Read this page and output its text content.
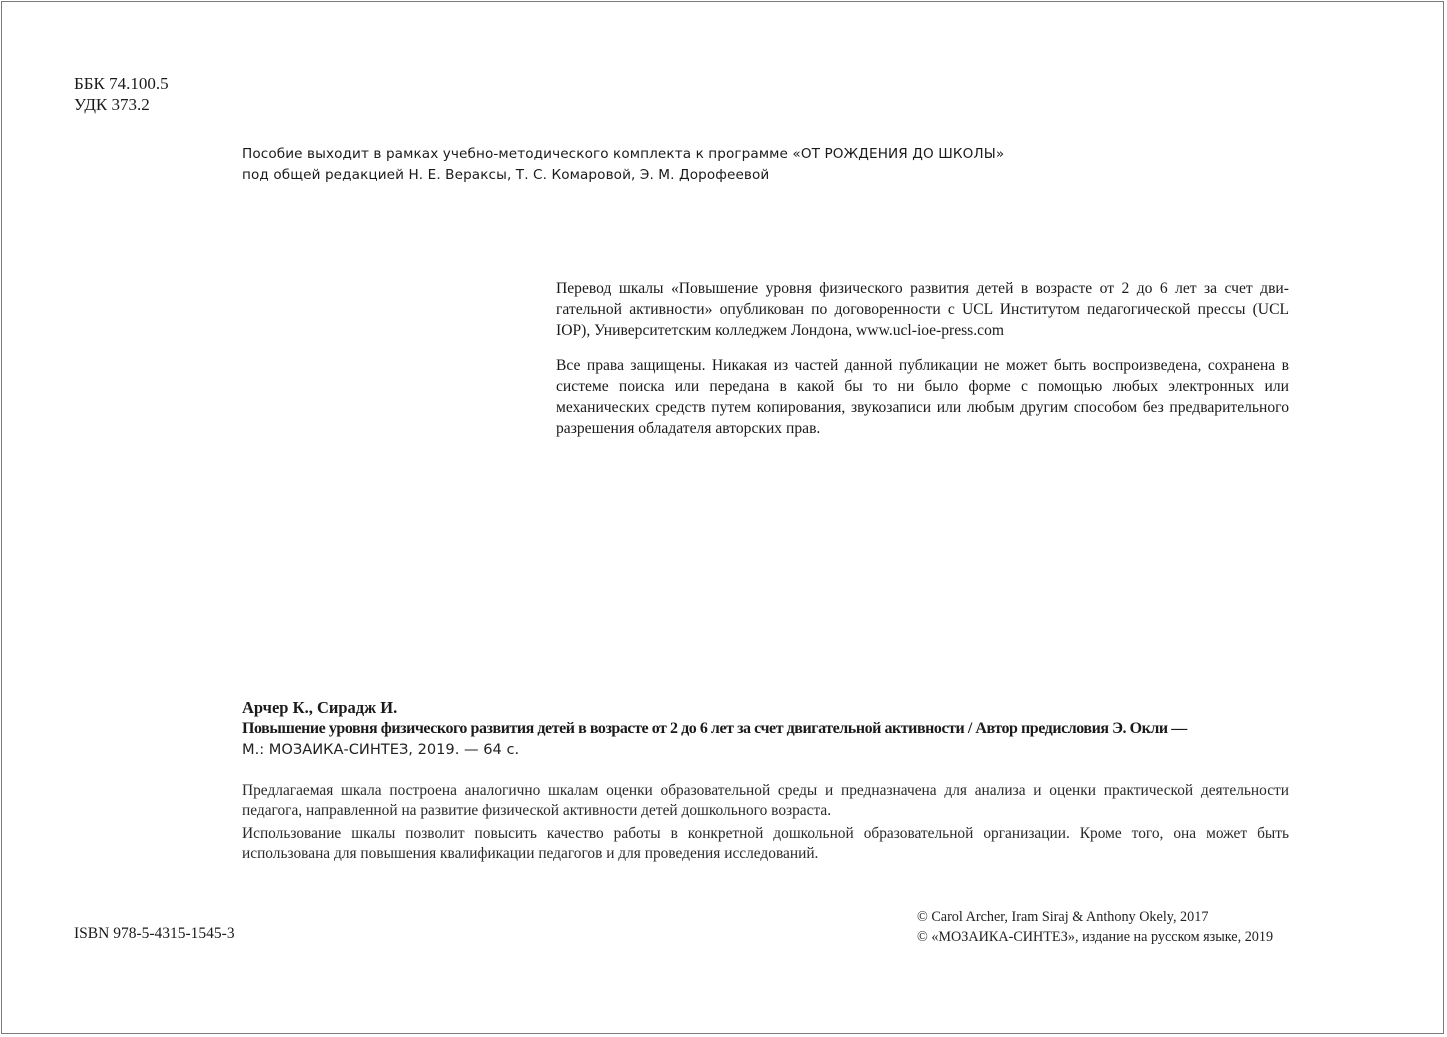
ББК 74.100.5
УДК 373.2
Пособие выходит в рамках учебно-методического комплекта к программе «ОТ РОЖДЕНИЯ ДО ШКОЛЫ»
под общей редакцией Н. Е. Вераксы, Т. С. Комаровой, Э. М. Дорофеевой

Перевод шкалы «Повышение уровня физического развития детей в возрасте от 2 до 6 лет за счет двигательной активности» опубликован по договоренности с UCL Институтом педагогической прессы (UCL IOP), Университетским колледжем Лондона, www.ucl-ioe-press.com

Все права защищены. Никакая из частей данной публикации не может быть воспроизведена, сохранена в системе поиска или передана в какой бы то ни было форме с помощью любых электронных или механических средств путем копирования, звукозаписи или любым другим способом без предварительного разрешения обладателя авторских прав.

Арчер К., Сирадж И.
Повышение уровня физического развития детей в возрасте от 2 до 6 лет за счет двигательной активности / Автор предисловия Э. Окли —
М.: МОЗАИКА-СИНТЕЗ, 2019. — 64 с.

Предлагаемая шкала построена аналогично шкалам оценки образовательной среды и предназначена для анализа и оценки практической деятельности педагога, направленной на развитие физической активности детей дошкольного возраста.

Использование шкалы позволит повысить качество работы в конкретной дошкольной образовательной организации. Кроме того, она может быть использована для повышения квалификации педагогов и для проведения исследований.

ISBN 978-5-4315-1545-3
© Carol Archer, Iram Siraj & Anthony Okely, 2017
© «МОЗАИКА-СИНТЕЗ», издание на русском языке, 2019
